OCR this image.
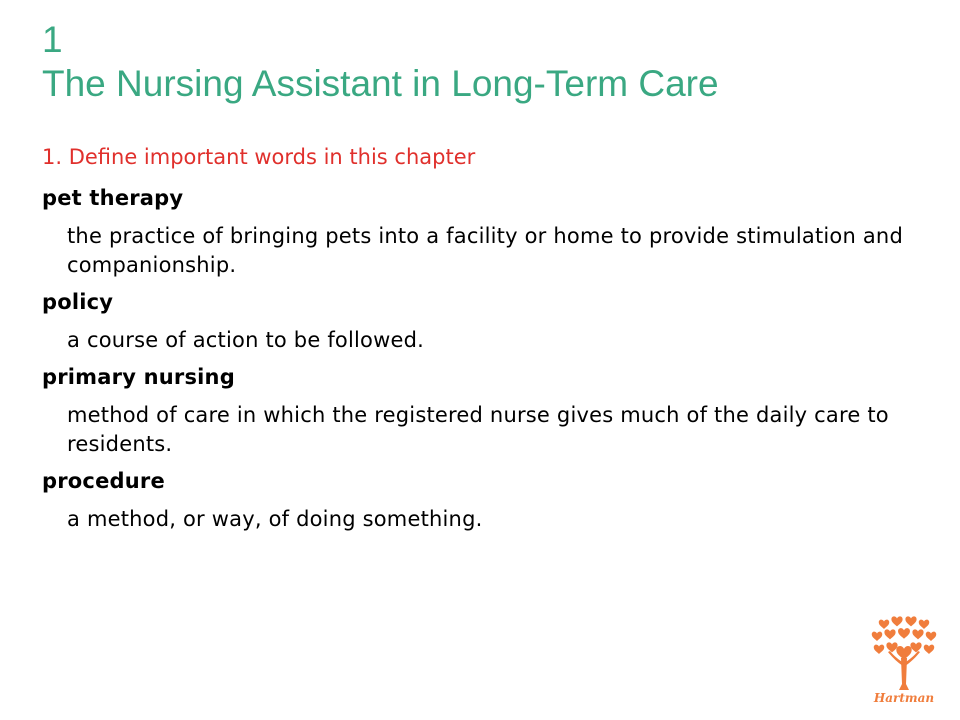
1
The Nursing Assistant in Long-Term Care
1. Define important words in this chapter
pet therapy
the practice of bringing pets into a facility or home to provide stimulation and companionship.
policy
a course of action to be followed.
primary nursing
method of care in which the registered nurse gives much of the daily care to residents.
procedure
a method, or way, of doing something.
Hartman
